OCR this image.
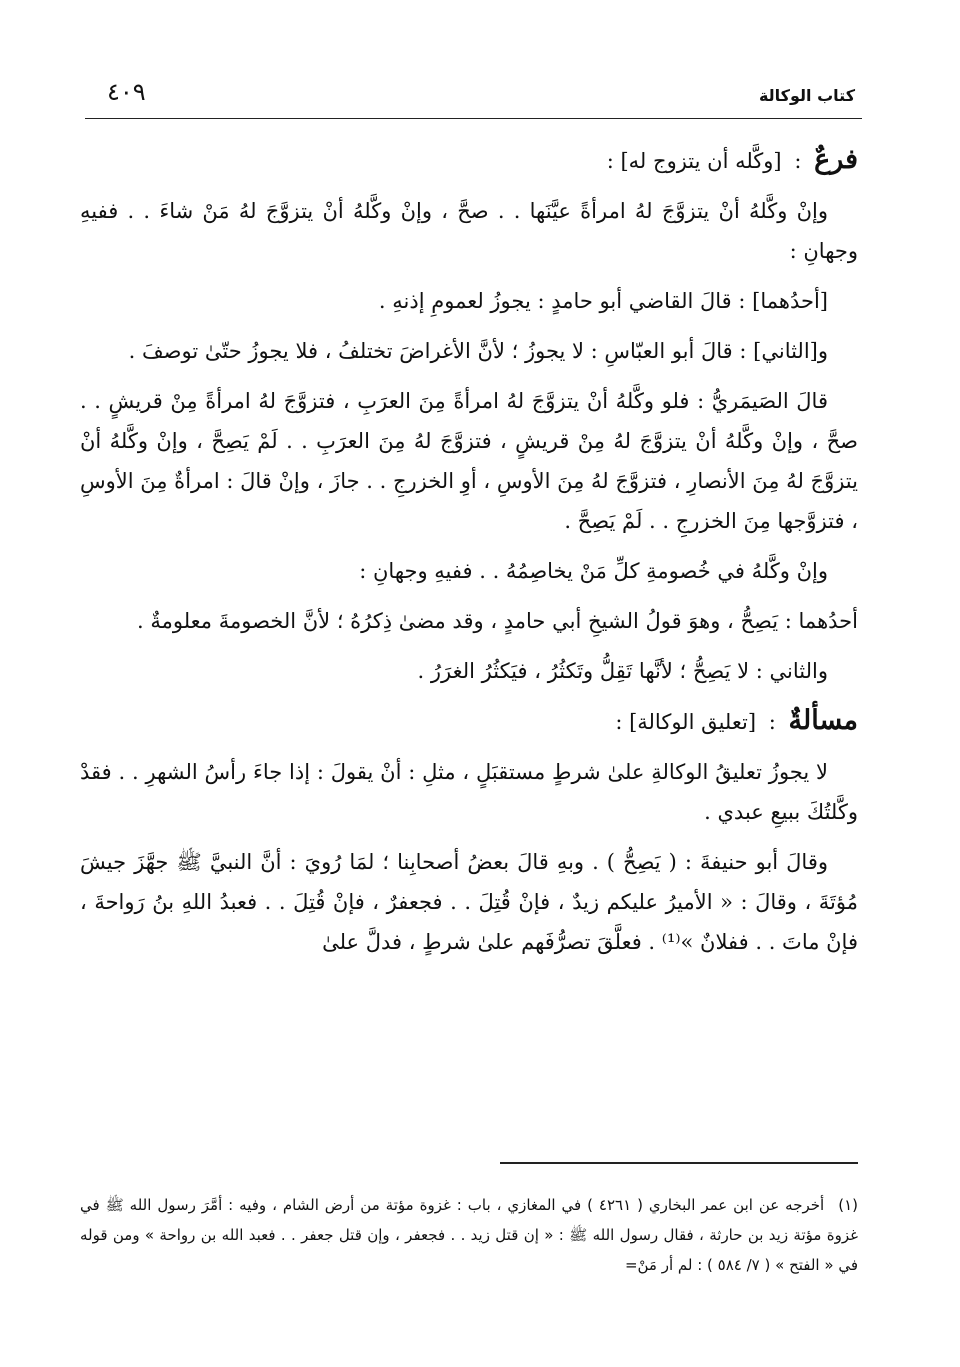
كتاب الوكالة
٤٠٩
فرعٌ : [وكَّله أن يتزوج له] :

وإنْ وكَّلهُ أنْ يتزوَّجَ لهُ امرأةً عيَّنَها . . صحَّ ، وإنْ وكَّلهُ أنْ يتزوَّجَ لهُ مَنْ شاءَ . . ففيهِ وجهانِ :

[أحدُهما] : قالَ القاضي أبو حامدٍ : يجوزُ لعمومِ إذنهِ .

و[الثاني] : قالَ أبو العبّاسِ : لا يجوزُ ؛ لأنَّ الأغراضَ تختلفُ ، فلا يجوزُ حتّىٰ توصفَ .

قالَ الصَيمَريُّ : فلو وكَّلهُ أنْ يتزوَّجَ لهُ امرأةً مِنَ العرَبِ ، فتزوَّجَ لهُ امرأةً مِنْ قريشٍ . . صحَّ ، وإنْ وكَّلهُ أنْ يتزوَّجَ لهُ مِنْ قريشٍ ، فتزوَّجَ لهُ مِنَ العرَبِ . . لَمْ يَصِحَّ ، وإنْ وكَّلهُ أنْ يتزوَّجَ لهُ مِنَ الأنصارِ ، فتزوَّجَ لهُ مِنَ الأوسِ ، أوِ الخزرجِ . . جازَ ، وإنْ قالَ : امرأةٌ مِنَ الأوسِ ، فتزوَّجها مِنَ الخزرجِ . . لَمْ يَصِحَّ .

وإنْ وكَّلهُ في خُصومةِ كلِّ مَنْ يخاصِمُهُ . . ففيهِ وجهانِ :

أحدُهما : يَصِحُّ ، وهوَ قولُ الشيخِ أبي حامدٍ ، وقد مضىٰ ذِكرُهُ ؛ لأنَّ الخصومةَ معلومةٌ .

والثاني : لا يَصِحُّ ؛ لأنَّها تَقِلُّ وتَكثُرُ ، فيَكثُرُ الغرَرُ .

مسألةٌ : [تعليق الوكالة] :

لا يجوزُ تعليقُ الوكالةِ علىٰ شرطٍ مستقبَلٍ ، مثلِ : أنْ يقولَ : إذا جاءَ رأسُ الشهرِ . . فقدْ وكَّلتُكَ ببيعِ عبدي .

وقالَ أبو حنيفةَ : ( يَصِحُّ ) . وبهِ قالَ بعضُ أصحابِنا ؛ لمَا رُويَ : أنَّ النبيَّ ﷺ جهَّزَ جيشَ مُؤتَةَ ، وقالَ : « الأميرُ عليكم زيدٌ ، فإنْ قُتِلَ . . فجعفرٌ ، فإنْ قُتِلَ . . فعبدُ اللهِ بنُ رَواحةَ ، فإنْ ماتَ . . ففلانٌ »⁽¹⁾ . فعلَّقَ تصرُّفَهم علىٰ شرطٍ ، فدلَّ علىٰ

(١)أخرجه عن ابن عمر البخاري ( ٤٢٦١ ) في المغازي ، باب : غزوة مؤتة من أرض الشام ، وفيه : أمَّرَ رسول الله ﷺ في غزوة مؤتة زيد بن حارثة ، فقال رسول الله ﷺ : « إن قتل زيد . . فجعفر ، وإن قتل جعفر . . فعبد الله بن رواحة » ومن قوله في « الفتح » ( ٧/ ٥٨٤ ) : لم أر مَنْ=
